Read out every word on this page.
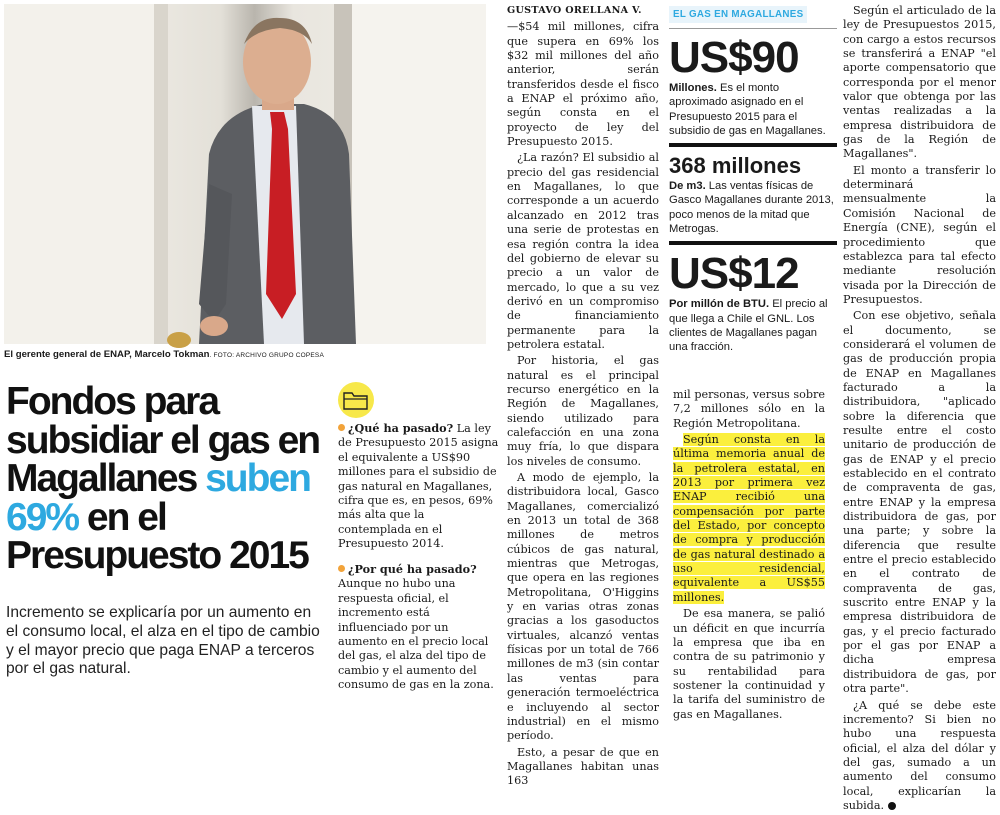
El gerente general de ENAP, Marcelo Tokman. FOTO: ARCHIVO GRUPO COPESA
Fondos para subsidiar el gas en Magallanes suben 69% en el Presupuesto 2015
Incremento se explicaría por un aumento en el consumo local, el alza en el tipo de cambio y el mayor precio que paga ENAP a terceros por el gas natural.
¿Qué ha pasado? La ley de Presupuesto 2015 asigna el equivalente a US$90 millones para el subsidio de gas natural en Magallanes, cifra que es, en pesos, 69% más alta que la contemplada en el Presupuesto 2014.
¿Por qué ha pasado? Aunque no hubo una respuesta oficial, el incremento está influenciado por un aumento en el precio local del gas, el alza del tipo de cambio y el aumento del consumo de gas en la zona.

GUSTAVO ORELLANA V.

—$54 mil millones, cifra que supera en 69% los $32 mil millones del año anterior, serán transferidos desde el fisco a ENAP el próximo año, según consta en el proyecto de ley del Presupuesto 2015.

¿La razón? El subsidio al precio del gas residencial en Magallanes, lo que corresponde a un acuerdo alcanzado en 2012 tras una serie de protestas en esa región contra la idea del gobierno de elevar su precio a un valor de mercado, lo que a su vez derivó en un compromiso de financiamiento permanente para la petrolera estatal.

Por historia, el gas natural es el principal recurso energético en la Región de Magallanes, siendo utilizado para calefacción en una zona muy fría, lo que dispara los niveles de consumo.

A modo de ejemplo, la distribuidora local, Gasco Magallanes, comercializó en 2013 un total de 368 millones de metros cúbicos de gas natural, mientras que Metrogas, que opera en las regiones Metropolitana, O'Higgins y en varias otras zonas gracias a los gasoductos virtuales, alcanzó ventas físicas por un total de 766 millones de m3 (sin contar las ventas para generación termoeléctrica e incluyendo al sector industrial) en el mismo período.

Esto, a pesar de que en Magallanes habitan unas 163

mil personas, versus sobre 7,2 millones sólo en la Región Metropolitana.

Según consta en la última memoria anual de la petrolera estatal, en 2013 por primera vez ENAP recibió una compensación por parte del Estado, por concepto de compra y producción de gas natural destinado a uso residencial, equivalente a US$55 millones.

De esa manera, se palió un déficit en que incurría la empresa que iba en contra de su patrimonio y su rentabilidad para sostener la continuidad y la tarifa del suministro de gas en Magallanes.

EL GAS EN MAGALLANES
US$90
Millones. Es el monto aproximado asignado en el Presupuesto 2015 para el subsidio de gas en Magallanes.
368 millones
De m3. Las ventas físicas de Gasco Magallanes durante 2013, poco menos de la mitad que Metrogas.
US$12
Por millón de BTU. El precio al que llega a Chile el GNL. Los clientes de Magallanes pagan una fracción.

Según el articulado de la ley de Presupuestos 2015, con cargo a estos recursos se transferirá a ENAP "el aporte compensatorio que corresponda por el menor valor que obtenga por las ventas realizadas a la empresa distribuidora de gas de la Región de Magallanes".

El monto a transferir lo determinará mensualmente la Comisión Nacional de Energía (CNE), según el procedimiento que establezca para tal efecto mediante resolución visada por la Dirección de Presupuestos.

Con ese objetivo, señala el documento, se considerará el volumen de gas de producción propia de ENAP en Magallanes facturado a la distribuidora, "aplicado sobre la diferencia que resulte entre el costo unitario de producción de gas de ENAP y el precio establecido en el contrato de compraventa de gas, entre ENAP y la empresa distribuidora de gas, por una parte; y sobre la diferencia que resulte entre el precio establecido en el contrato de compraventa de gas, suscrito entre ENAP y la empresa distribuidora de gas, y el precio facturado por el gas por ENAP a dicha empresa distribuidora de gas, por otra parte".

¿A qué se debe este incremento? Si bien no hubo una respuesta oficial, el alza del dólar y del gas, sumado a un aumento del consumo local, explicarían la subida.
